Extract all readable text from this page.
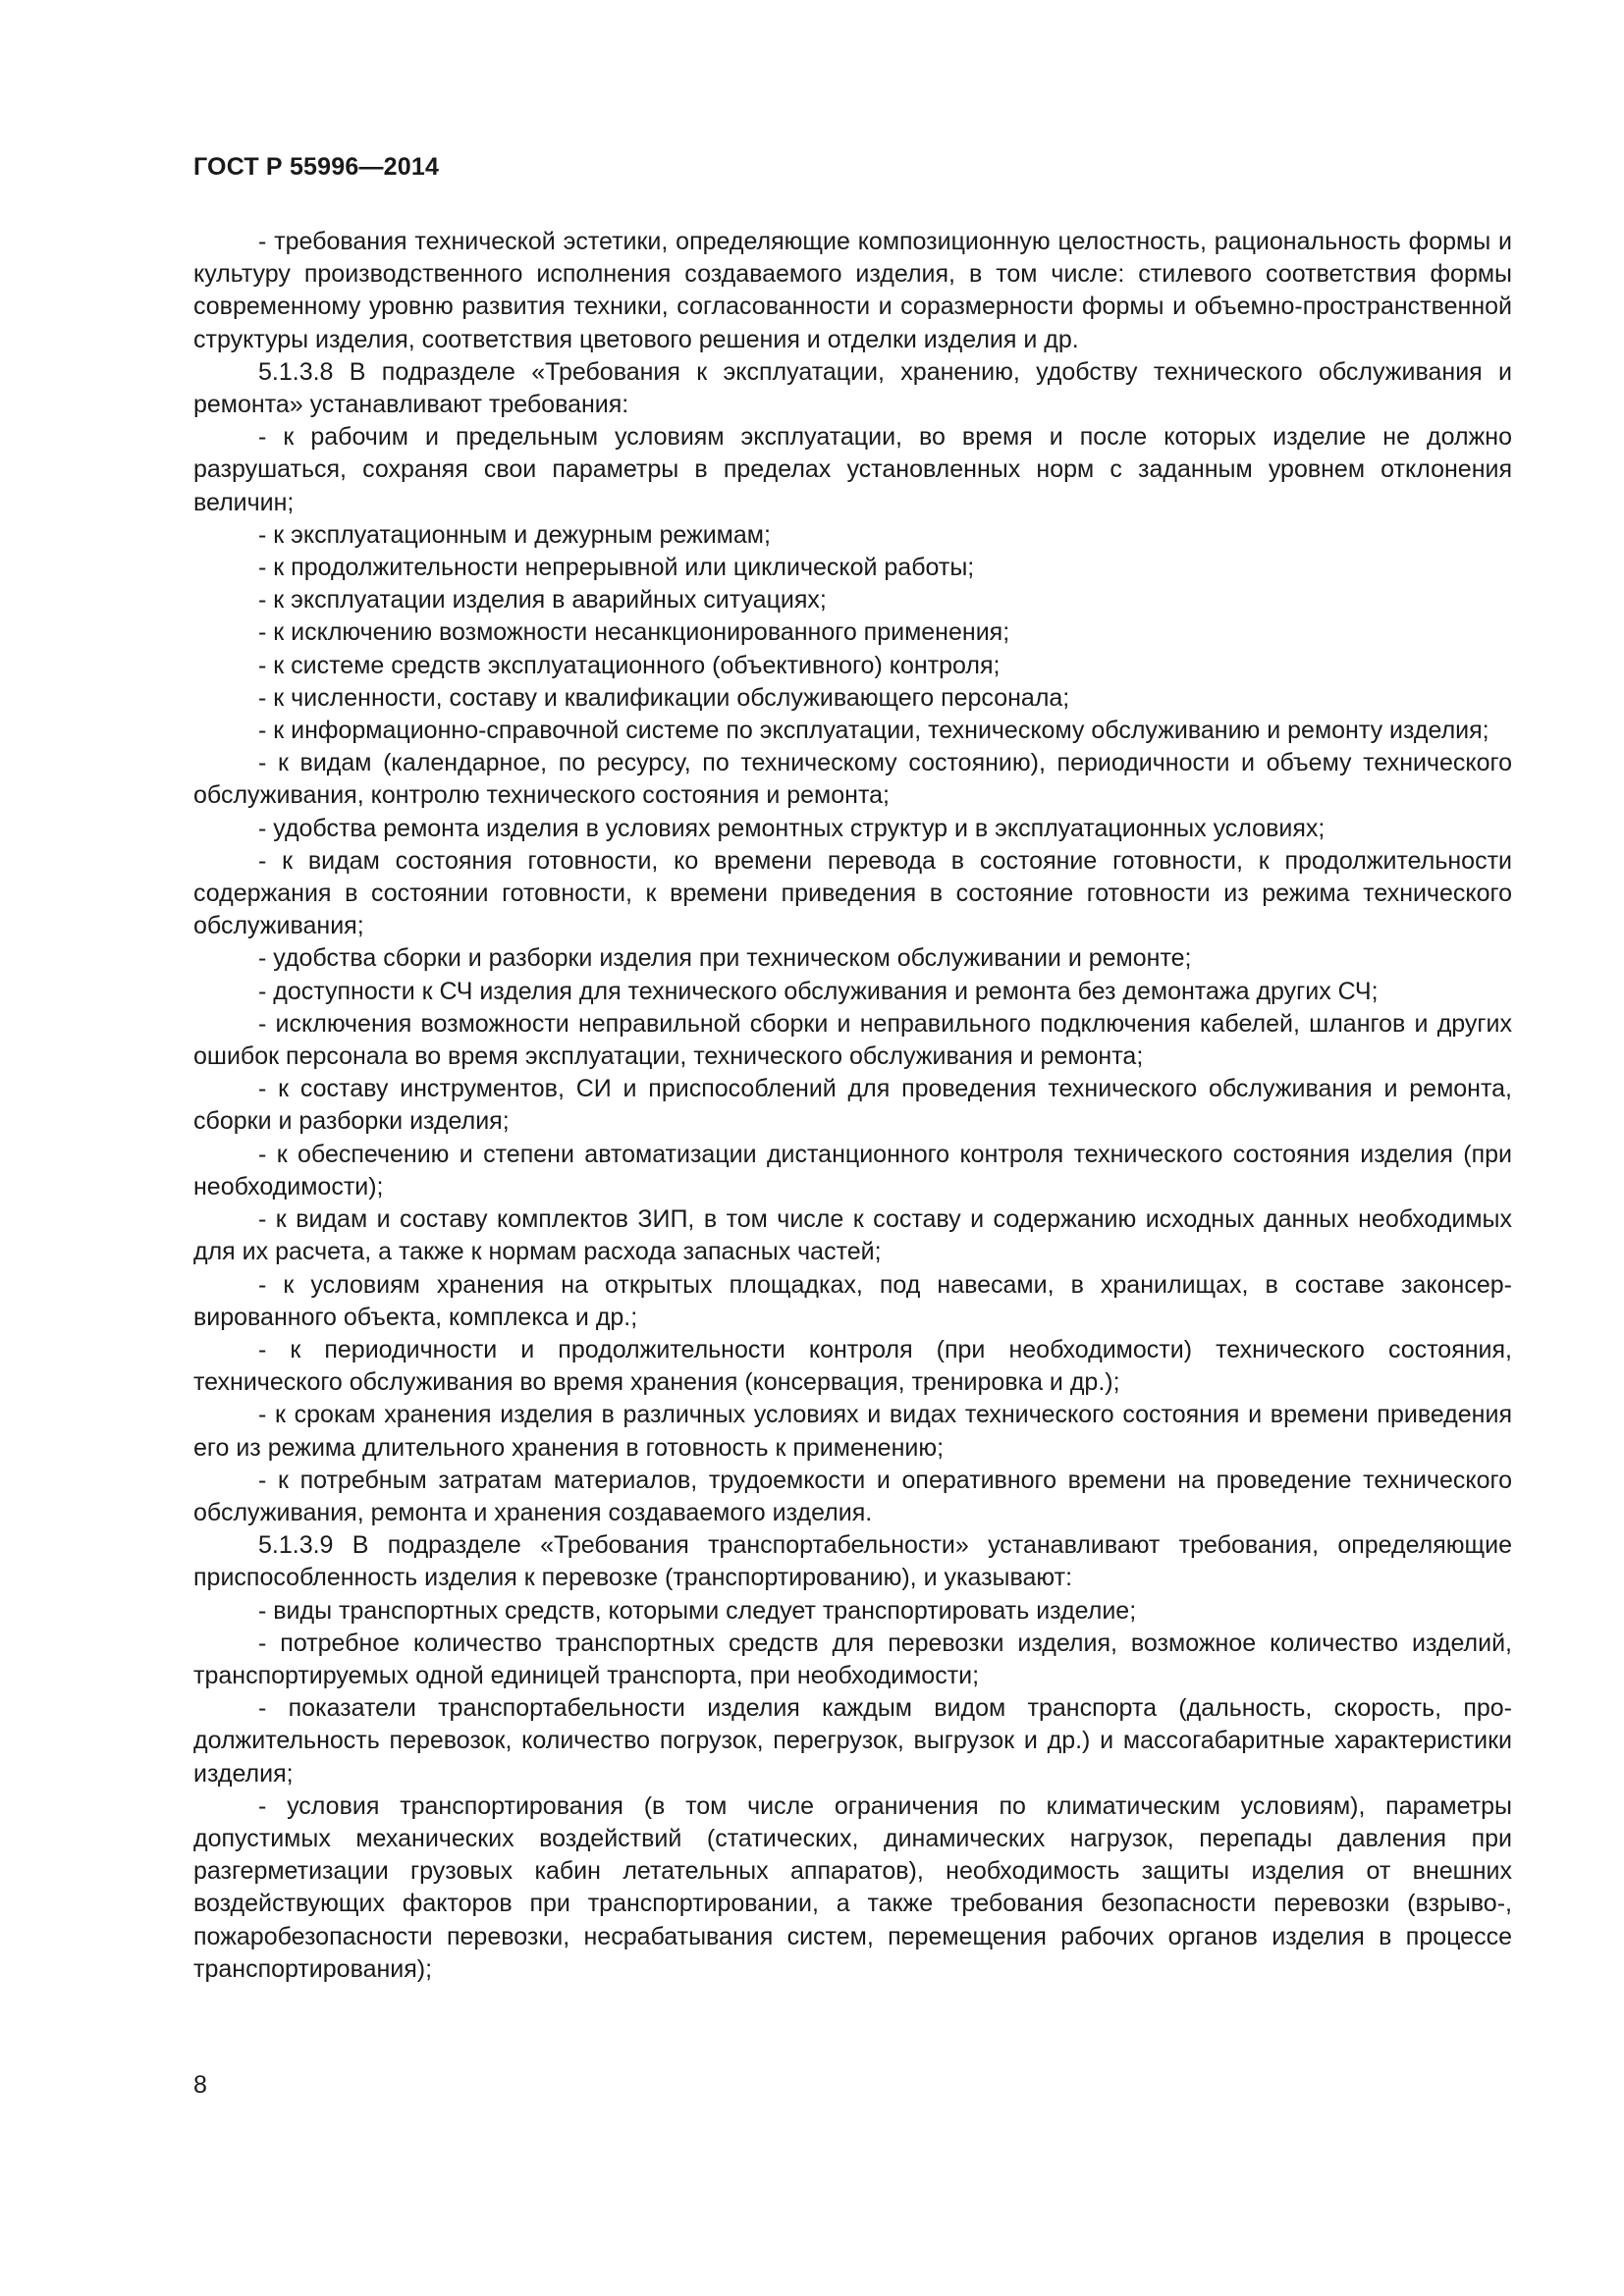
ГОСТ Р 55996—2014

- требования технической эстетики, определяющие композиционную целостность, рациональность формы и культуру производственного исполнения создаваемого изделия, в том числе: стилевого соответствия формы современному уровню развития техники, согласованности и соразмерности формы и объемно-пространственной структуры изделия, соответствия цветового решения и отделки изделия и др.

5.1.3.8 В подразделе «Требования к эксплуатации, хранению, удобству технического обслуживания и ремонта» устанавливают требования:

- к рабочим и предельным условиям эксплуатации, во время и после которых изделие не должно разрушаться, сохраняя свои параметры в пределах установленных норм с заданным уровнем отклонения величин;

- к эксплуатационным и дежурным режимам;

- к продолжительности непрерывной или циклической работы;

- к эксплуатации изделия в аварийных ситуациях;

- к исключению возможности несанкционированного применения;

- к системе средств эксплуатационного (объективного) контроля;

- к численности, составу и квалификации обслуживающего персонала;

- к информационно-справочной системе по эксплуатации, техническому обслуживанию и ремонту изделия;

- к видам (календарное, по ресурсу, по техническому состоянию), периодичности и объему технического обслуживания, контролю технического состояния и ремонта;

- удобства ремонта изделия в условиях ремонтных структур и в эксплуатационных условиях;

- к видам состояния готовности, ко времени перевода в состояние готовности, к продолжительности содержания в состоянии готовности, к времени приведения в состояние готовности из режима технического обслуживания;

- удобства сборки и разборки изделия при техническом обслуживании и ремонте;

- доступности к СЧ изделия для технического обслуживания и ремонта без демонтажа других СЧ;

- исключения возможности неправильной сборки и неправильного подключения кабелей, шлангов и других ошибок персонала во время эксплуатации, технического обслуживания и ремонта;

- к составу инструментов, СИ и приспособлений для проведения технического обслуживания и ремонта, сборки и разборки изделия;

- к обеспечению и степени автоматизации дистанционного контроля технического состояния изделия (при необходимости);

- к видам и составу комплектов ЗИП, в том числе к составу и содержанию исходных данных необходимых для их расчета, а также к нормам расхода запасных частей;

- к условиям хранения на открытых площадках, под навесами, в хранилищах, в составе законсервированного объекта, комплекса и др.;

- к периодичности и продолжительности контроля (при необходимости) технического состояния, технического обслуживания во время хранения (консервация, тренировка и др.);

- к срокам хранения изделия в различных условиях и видах технического состояния и времени приведения его из режима длительного хранения в готовность к применению;

- к потребным затратам материалов, трудоемкости и оперативного времени на проведение технического обслуживания, ремонта и хранения создаваемого изделия.

5.1.3.9 В подразделе «Требования транспортабельности» устанавливают требования, определяющие приспособленность изделия к перевозке (транспортированию), и указывают:

- виды транспортных средств, которыми следует транспортировать изделие;

- потребное количество транспортных средств для перевозки изделия, возможное количество изделий, транспортируемых одной единицей транспорта, при необходимости;

- показатели транспортабельности изделия каждым видом транспорта (дальность, скорость, продолжительность перевозок, количество погрузок, перегрузок, выгрузок и др.) и массогабаритные характеристики изделия;

- условия транспортирования (в том числе ограничения по климатическим условиям), параметры допустимых механических воздействий (статических, динамических нагрузок, перепады давления при разгерметизации грузовых кабин летательных аппаратов), необходимость защиты изделия от внешних воздействующих факторов при транспортировании, а также требования безопасности перевозки (взрыво-, пожаробезопасности перевозки, несрабатывания систем, перемещения рабочих органов изделия в процессе транспортирования);

8
